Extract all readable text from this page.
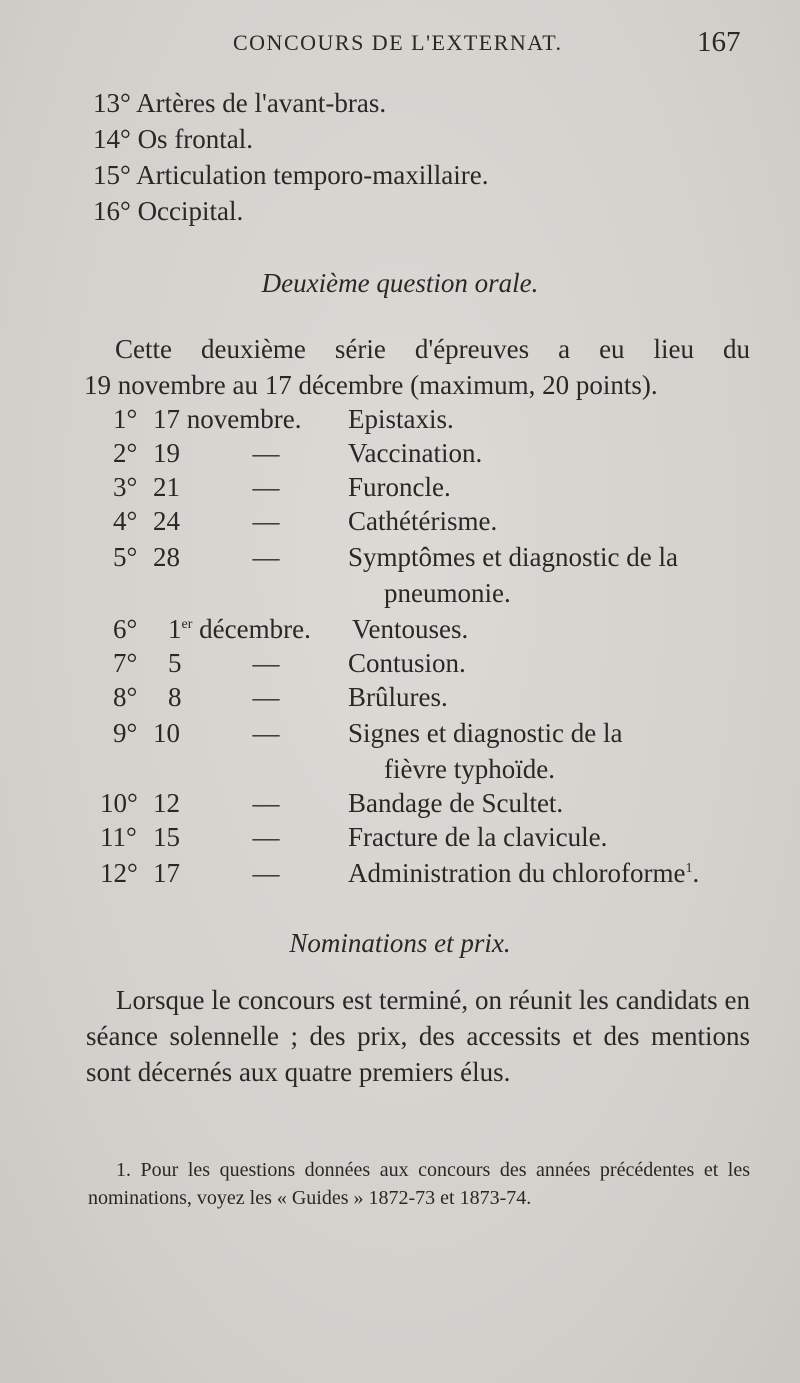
CONCOURS DE L'EXTERNAT.	167
13° Artères de l'avant-bras.
14° Os frontal.
15° Articulation temporo-maxillaire.
16° Occipital.
Deuxième question orale.
Cette deuxième série d'épreuves a eu lieu du
19 novembre au 17 décembre (maximum, 20 points).
1° 17 novembre. Epistaxis.
2° 19	—	Vaccination.
3° 21	—	Furoncle.
4° 24	—	Cathétérisme.
5° 28	—	Symptômes et diagnostic de la
pneumonie.
6° 1er décembre. Ventouses.
7° 5	—	Contusion.
8° 8	—	Brûlures.
9° 10	—	Signes et diagnostic de la
fièvre typhoïde.
10° 12	—	Bandage de Scultet.
11° 15	—	Fracture de la clavicule.
12° 17	—	Administration du chloroforme$^1$.
Nominations et prix.
Lorsque le concours est terminé, on réunit les candidats en séance solennelle ; des prix, des accessits et des mentions sont décernés aux quatre premiers élus.
1. Pour les questions données aux concours des années précédentes et les nominations, voyez les « Guides » 1872-73 et 1873-74.
